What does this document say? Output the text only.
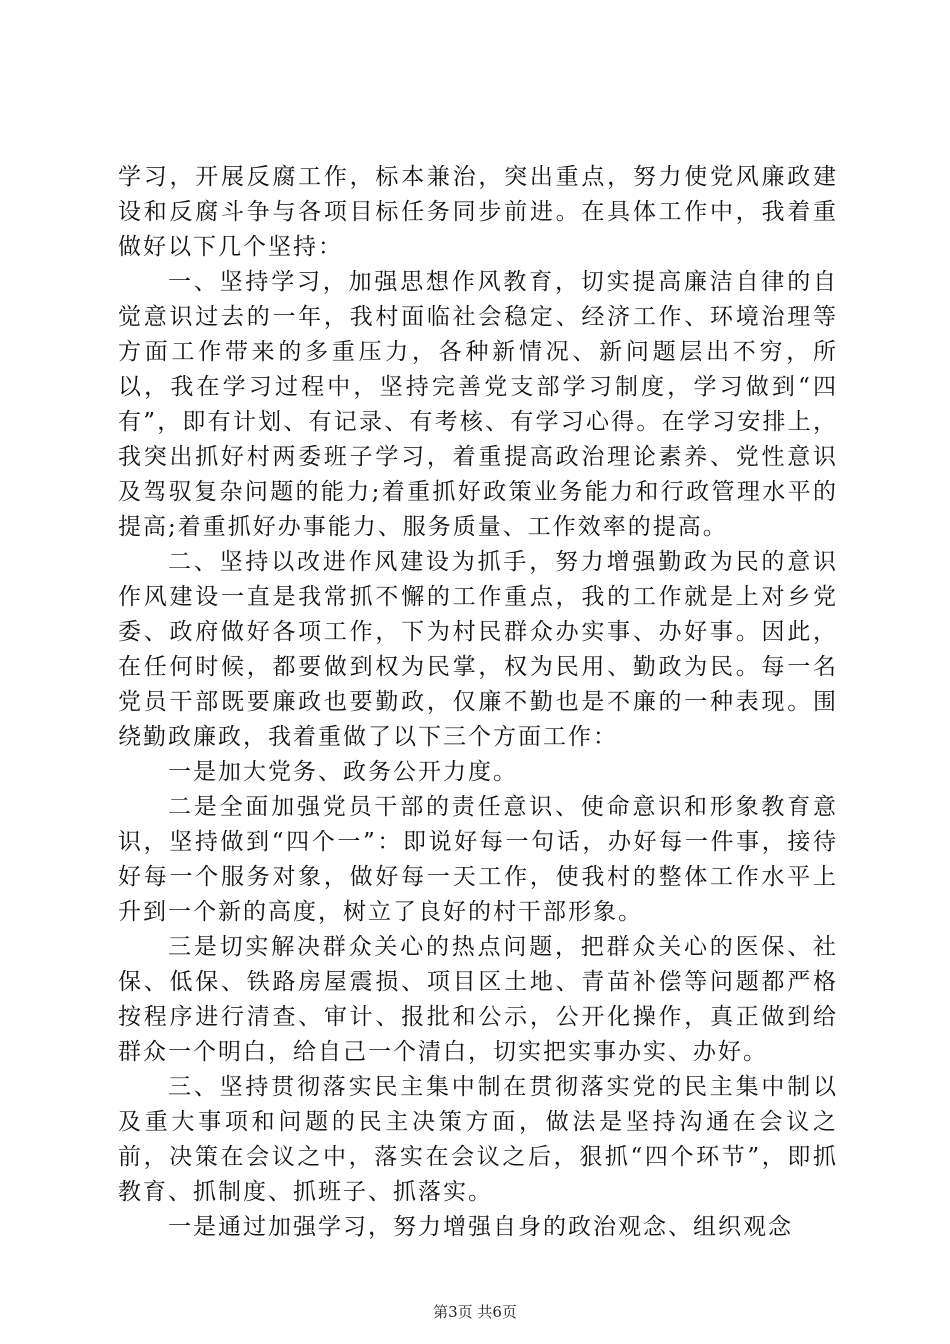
学习，开展反腐工作，标本兼治，突出重点，努力使党风廉政建设和反腐斗争与各项目标任务同步前进。在具体工作中，我着重做好以下几个坚持：

一、坚持学习，加强思想作风教育，切实提高廉洁自律的自觉意识过去的一年，我村面临社会稳定、经济工作、环境治理等方面工作带来的多重压力，各种新情况、新问题层出不穷，所以，我在学习过程中，坚持完善党支部学习制度，学习做到“四有”，即有计划、有记录、有考核、有学习心得。在学习安排上，我突出抓好村两委班子学习，着重提高政治理论素养、党性意识及驾驭复杂问题的能力;着重抓好政策业务能力和行政管理水平的提高;着重抓好办事能力、服务质量、工作效率的提高。

二、坚持以改进作风建设为抓手，努力增强勤政为民的意识作风建设一直是我常抓不懈的工作重点，我的工作就是上对乡党委、政府做好各项工作，下为村民群众办实事、办好事。因此，在任何时候，都要做到权为民掌，权为民用、勤政为民。每一名党员干部既要廉政也要勤政，仅廉不勤也是不廉的一种表现。围绕勤政廉政，我着重做了以下三个方面工作：

一是加大党务、政务公开力度。

二是全面加强党员干部的责任意识、使命意识和形象教育意识，坚持做到“四个一”：即说好每一句话，办好每一件事，接待好每一个服务对象，做好每一天工作，使我村的整体工作水平上升到一个新的高度，树立了良好的村干部形象。

三是切实解决群众关心的热点问题，把群众关心的医保、社保、低保、铁路房屋震损、项目区土地、青苗补偿等问题都严格按程序进行清查、审计、报批和公示，公开化操作，真正做到给群众一个明白，给自己一个清白，切实把实事办实、办好。

三、坚持贯彻落实民主集中制在贯彻落实党的民主集中制以及重大事项和问题的民主决策方面，做法是坚持沟通在会议之前，决策在会议之中，落实在会议之后，狠抓“四个环节”，即抓教育、抓制度、抓班子、抓落实。

一是通过加强学习，努力增强自身的政治观念、组织观念

第3页 共6页
